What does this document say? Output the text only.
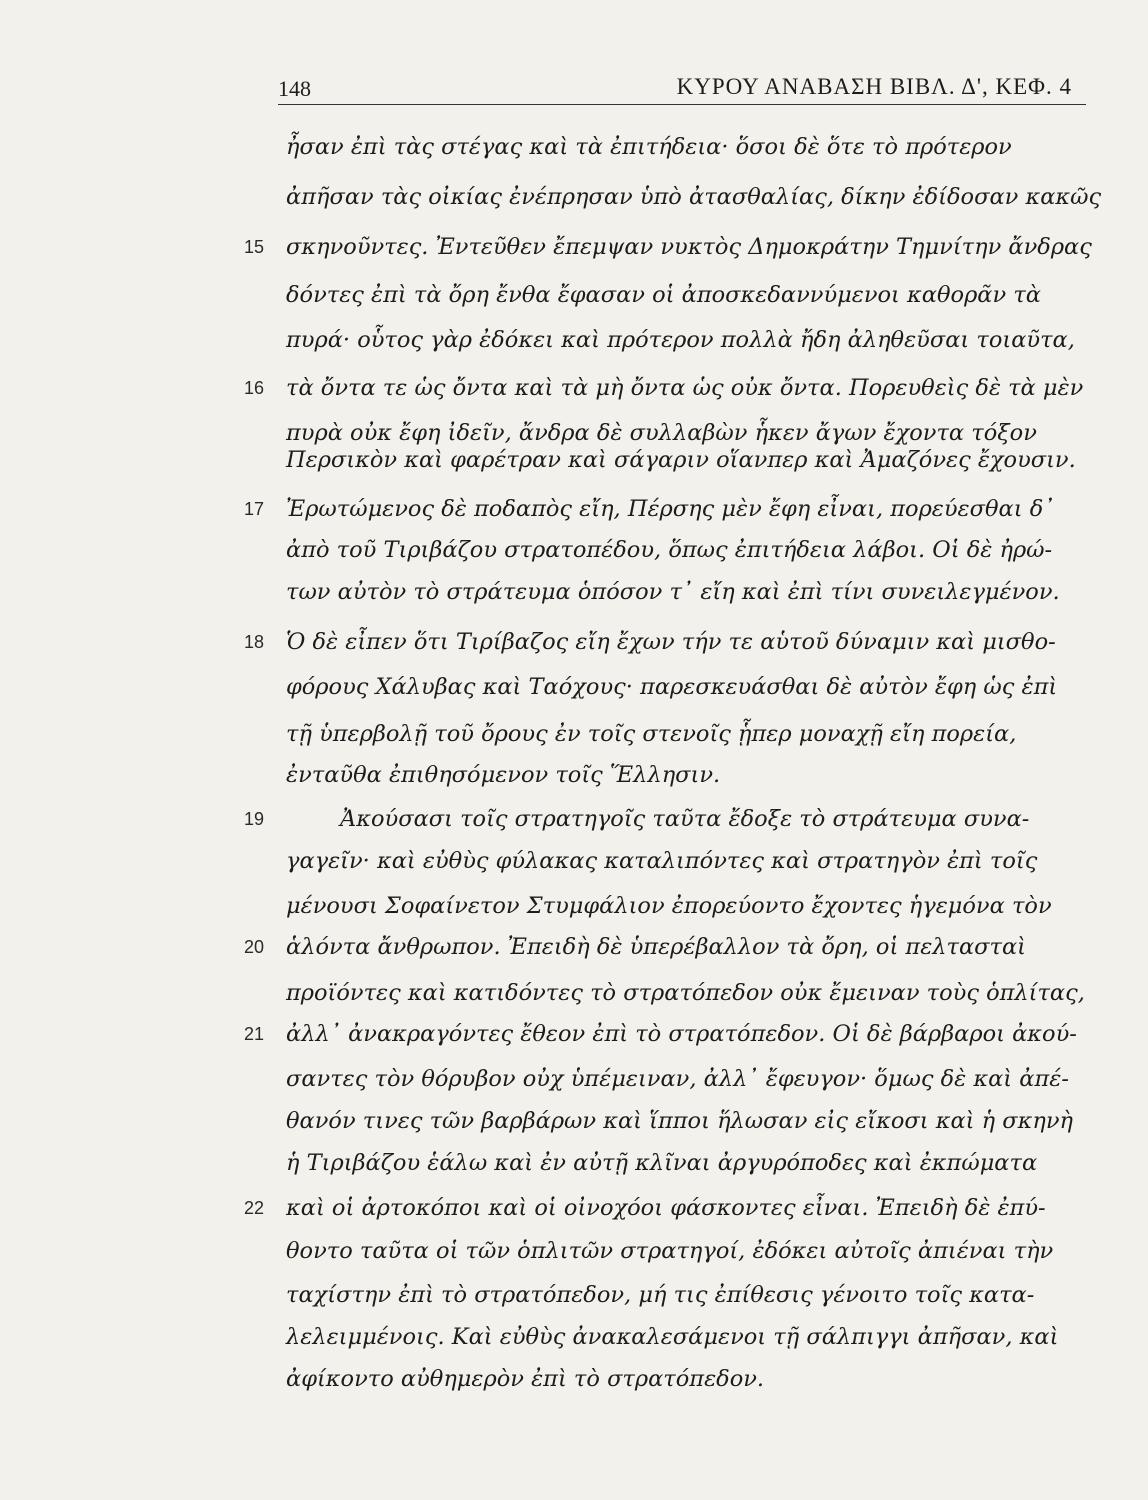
148	ΚΥΡΟΥ ΑΝΑΒΑΣΗ ΒΙΒΛ. Δ', ΚΕΦ. 4
ἦσαν ἐπὶ τὰς στέγας καὶ τὰ ἐπιτήδεια· ὅσοι δὲ ὅτε τὸ πρότερον
ἀπῆσαν τὰς οἰκίας ἐνέπρησαν ὑπὸ ἀτασθαλίας, δίκην ἐδίδοσαν κακῶς
15 σκηνοῦντες. Ἐντεῦθεν ἔπεμψαν νυκτὸς Δημοκράτην Τημνίτην ἄνδρας
δόντες ἐπὶ τὰ ὄρη ἔνθα ἔφασαν οἱ ἀποσκεδαννύμενοι καθορᾶν τὰ
πυρά· οὗτος γὰρ ἐδόκει καὶ πρότερον πολλὰ ἤδη ἀληθεῦσαι τοιαῦτα,
16 τὰ ὄντα τε ὡς ὄντα καὶ τὰ μὴ ὄντα ὡς οὐκ ὄντα. Πορευθεὶς δὲ τὰ μὲν
πυρὰ οὐκ ἔφη ἰδεῖν, ἄνδρα δὲ συλλαβὼν ἧκεν ἄγων ἔχοντα τόξον
Περσικὸν καὶ φαρέτραν καὶ σάγαριν οἵανπερ καὶ Ἀμαζόνες ἔχουσιν.
17 Ἐρωτώμενος δὲ ποδαπὸς εἴη, Πέρσης μὲν ἔφη εἶναι, πορεύεσθαι δ᾽
ἀπὸ τοῦ Τιριβάζου στρατοπέδου, ὅπως ἐπιτήδεια λάβοι. Οἱ δὲ ἠρώ-
των αὐτὸν τὸ στράτευμα ὁπόσον τ᾽ εἴη καὶ ἐπὶ τίνι συνειλεγμένον.
18 Ὁ δὲ εἶπεν ὅτι Τιρίβαζος εἴη ἔχων τήν τε αὑτοῦ δύναμιν καὶ μισθο-
φόρους Χάλυβας καὶ Ταόχους· παρεσκευάσθαι δὲ αὐτὸν ἔφη ὡς ἐπὶ
τῇ ὑπερβολῇ τοῦ ὄρους ἐν τοῖς στενοῖς ᾗπερ μοναχῇ εἴη πορεία,
ἐνταῦθα ἐπιθησόμενον τοῖς Ἕλλησιν.
19	Ἀκούσασι τοῖς στρατηγοῖς ταῦτα ἔδοξε τὸ στράτευμα συνα-
γαγεῖν· καὶ εὐθὺς φύλακας καταλιπόντες καὶ στρατηγὸν ἐπὶ τοῖς
μένουσι Σοφαίνετον Στυμφάλιον ἐπορεύοντο ἔχοντες ἡγεμόνα τὸν
20 ἁλόντα ἄνθρωπον. Ἐπειδὴ δὲ ὑπερέβαλλον τὰ ὄρη, οἱ πελτασταὶ
προϊόντες καὶ κατιδόντες τὸ στρατόπεδον οὐκ ἔμειναν τοὺς ὁπλίτας,
21 ἀλλ᾽ ἀνακραγόντες ἔθεον ἐπὶ τὸ στρατόπεδον. Οἱ δὲ βάρβαροι ἀκού-
σαντες τὸν θόρυβον οὐχ ὑπέμειναν, ἀλλ᾽ ἔφευγον· ὅμως δὲ καὶ ἀπέ-
θανόν τινες τῶν βαρβάρων καὶ ἵπποι ἥλωσαν εἰς εἴκοσι καὶ ἡ σκηνὴ
ἡ Τιριβάζου ἑάλω καὶ ἐν αὐτῇ κλῖναι ἀργυρόποδες καὶ ἐκπώματα
22 καὶ οἱ ἀρτοκόποι καὶ οἱ οἰνοχόοι φάσκοντες εἶναι. Ἐπειδὴ δὲ ἐπύ-
θοντο ταῦτα οἱ τῶν ὁπλιτῶν στρατηγοί, ἐδόκει αὐτοῖς ἀπιέναι τὴν
ταχίστην ἐπὶ τὸ στρατόπεδον, μή τις ἐπίθεσις γένοιτο τοῖς κατα-
λελειμμένοις. Καὶ εὐθὺς ἀνακαλεσάμενοι τῇ σάλπιγγι ἀπῆσαν, καὶ
ἀφίκοντο αὐθημερὸν ἐπὶ τὸ στρατόπεδον.
